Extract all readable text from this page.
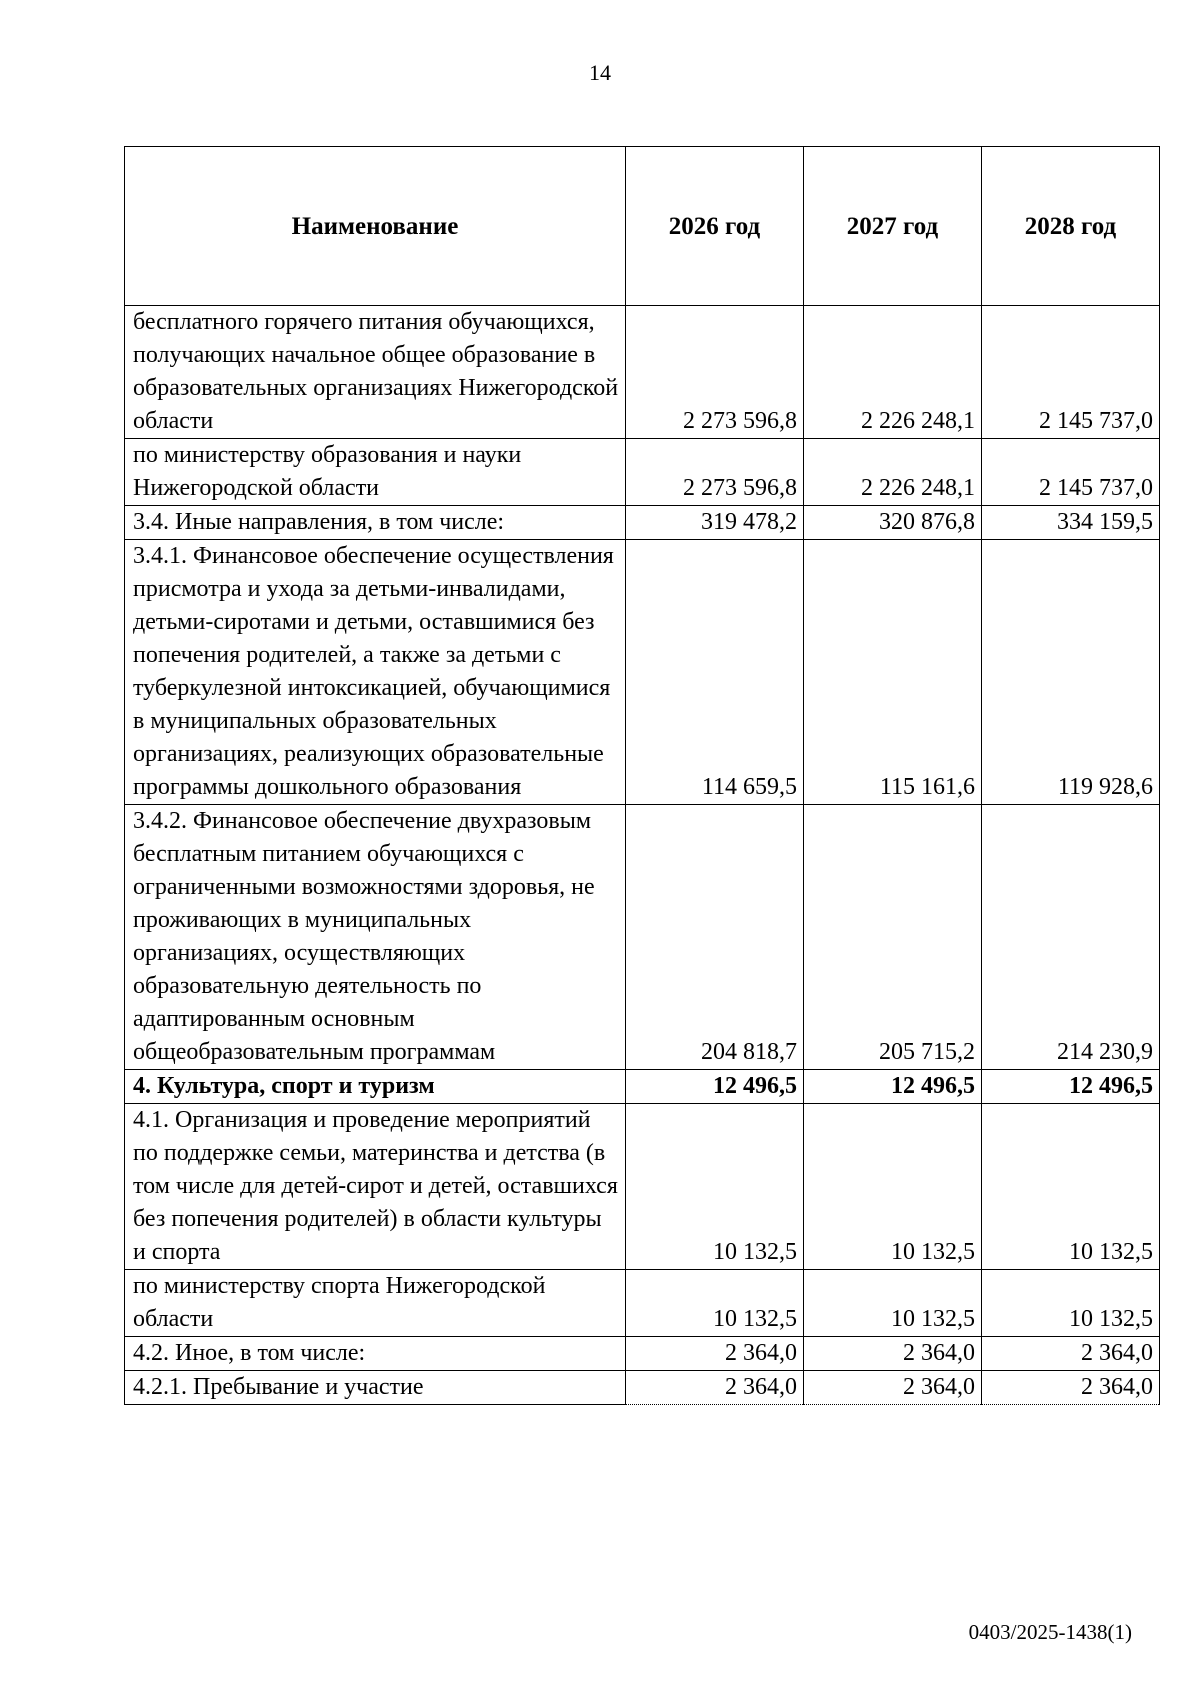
14
Наименование	2026 год	2027 год	2028 год
бесплатного горячего питания обучающихся, получающих начальное общее образование в образовательных организациях Нижегородской области	2 273 596,8	2 226 248,1	2 145 737,0
по министерству образования и науки Нижегородской области	2 273 596,8	2 226 248,1	2 145 737,0
3.4. Иные направления, в том числе:	319 478,2	320 876,8	334 159,5
3.4.1. Финансовое обеспечение осуществления присмотра и ухода за детьми-инвалидами, детьми-сиротами и детьми, оставшимися без попечения родителей, а также за детьми с туберкулезной интоксикацией, обучающимися в муниципальных образовательных организациях, реализующих образовательные программы дошкольного образования	114 659,5	115 161,6	119 928,6
3.4.2. Финансовое обеспечение двухразовым бесплатным питанием обучающихся с ограниченными возможностями здоровья, не проживающих в муниципальных организациях, осуществляющих образовательную деятельность по адаптированным основным общеобразовательным программам	204 818,7	205 715,2	214 230,9
4. Культура, спорт и туризм	12 496,5	12 496,5	12 496,5
4.1. Организация и проведение мероприятий по поддержке семьи, материнства и детства (в том числе для детей-сирот и детей, оставшихся без попечения родителей) в области культуры и спорта	10 132,5	10 132,5	10 132,5
по министерству спорта Нижегородской области	10 132,5	10 132,5	10 132,5
4.2. Иное, в том числе:	2 364,0	2 364,0	2 364,0
4.2.1. Пребывание и участие	2 364,0	2 364,0	2 364,0
0403/2025-1438(1)
